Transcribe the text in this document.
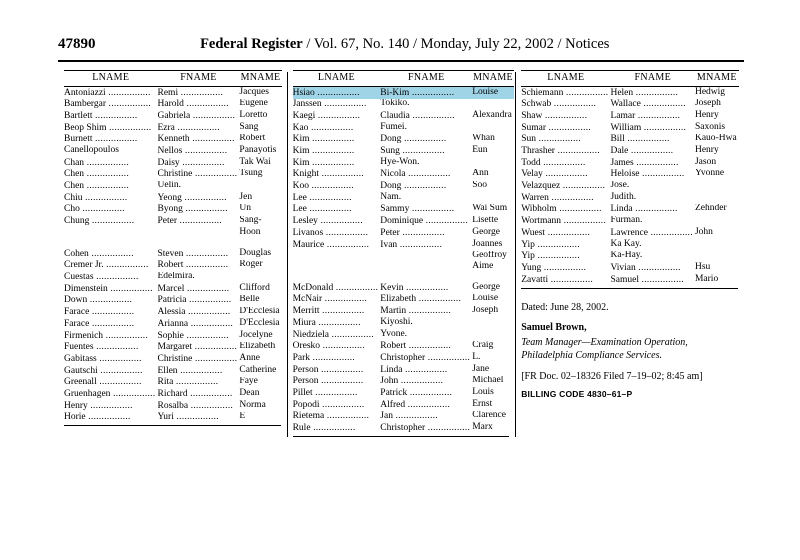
47890	Federal Register / Vol. 67, No. 140 / Monday, July 22, 2002 / Notices
LNAME	FNAME	MNAME
Antoniazzi ................	Remi ................	Jacques
Bambergar ................	Harold ................	Eugene
Bartlett ................	Gabriela ................	Loretto
Beop Shim ................	Ezra ................	Sang
Burnett ................	Kenneth ................	Robert
Canellopoulos	Nellos ................	Panayotis
Chan ................	Daisy ................	Tak Wai
Chen ................	Christine ................	Tsung
Chen ................	Uelin.	
Chiu ................	Yeong ................	Jen
Cho ................	Byong ................	Un
Chung ................	Peter ................	Sang-
		Hoon

Cohen ................	Steven ................	Douglas
Cremer Jr. ................	Robert ................	Roger
Cuestas ................	Edelmira.	
Dimenstein ................	Marcel ................	Clifford
Down ................	Patricia ................	Belle
Farace ................	Alessia ................	D'Ecclesia
Farace ................	Arianna ................	D'Ecclesia
Firmenich ................	Sophie ................	Jocelyne
Fuentes ................	Margaret ................	Elizabeth
Gabitass ................	Christine ................	Anne
Gautschi ................	Ellen ................	Catherine
Greenall ................	Rita ................	Faye
Gruenhagen ................	Richard ................	Dean
Henry ................	Rosalba ................	Norma
Horie ................	Yuri ................	E
LNAME	FNAME	MNAME
Hsiao ................	Bi-Kim ................	Louise
Janssen ................	Tokiko.	
Kaegi ................	Claudia ................	Alexandra
Kao ................	Fumei.	
Kim ................	Dong ................	Whan
Kim ................	Sung ................	Eun
Kim ................	Hye-Won.	
Knight ................	Nicola ................	Ann
Koo ................	Dong ................	Soo
Lee ................	Nam.	
Lee ................	Sammy ................	Wai Sum
Lesley ................	Dominique ................	Lisette
Livanos ................	Peter ................	George
Maurice ................	Ivan ................	Joannes
		Geoffroy
		Aime

McDonald ................	Kevin ................	George
McNair ................	Elizabeth ................	Louise
Merritt ................	Martin ................	Joseph
Miura ................	Kiyoshi.	
Niedziela ................	Yvone.	
Oresko ................	Robert ................	Craig
Park ................	Christopher ................	L.
Person ................	Linda ................	Jane
Person ................	John ................	Michael
Pillet ................	Patrick ................	Louis
Popodi ................	Alfred ................	Ernst
Rietema ................	Jan ................	Clarence
Rule ................	Christopher ................	Marx
LNAME	FNAME	MNAME
Schiemann ................	Helen ................	Hedwig
Schwab ................	Wallace ................	Joseph
Shaw ................	Lamar ................	Henry
Sumar ................	William ................	Saxonis
Sun ................	Bill ................	Kauo-Hwa
Thrasher ................	Dale ................	Henry
Todd ................	James ................	Jason
Velay ................	Heloise ................	Yvonne
Velazquez ................	Jose.	
Warren ................	Judith.	
Wibholm ................	Linda ................	Zehnder
Wortmann ................	Furman.	
Wuest ................	Lawrence ................	John
Yip ................	Ka Kay.	
Yip ................	Ka-Hay.	
Yung ................	Vivian ................	Hsu
Zavatti ................	Samuel ................	Mario
Dated: June 28, 2002.
Samuel Brown,
Team Manager—Examination Operation,
Philadelphia Compliance Services.
[FR Doc. 02–18326 Filed 7–19–02; 8:45 am]
BILLING CODE 4830–61–P
